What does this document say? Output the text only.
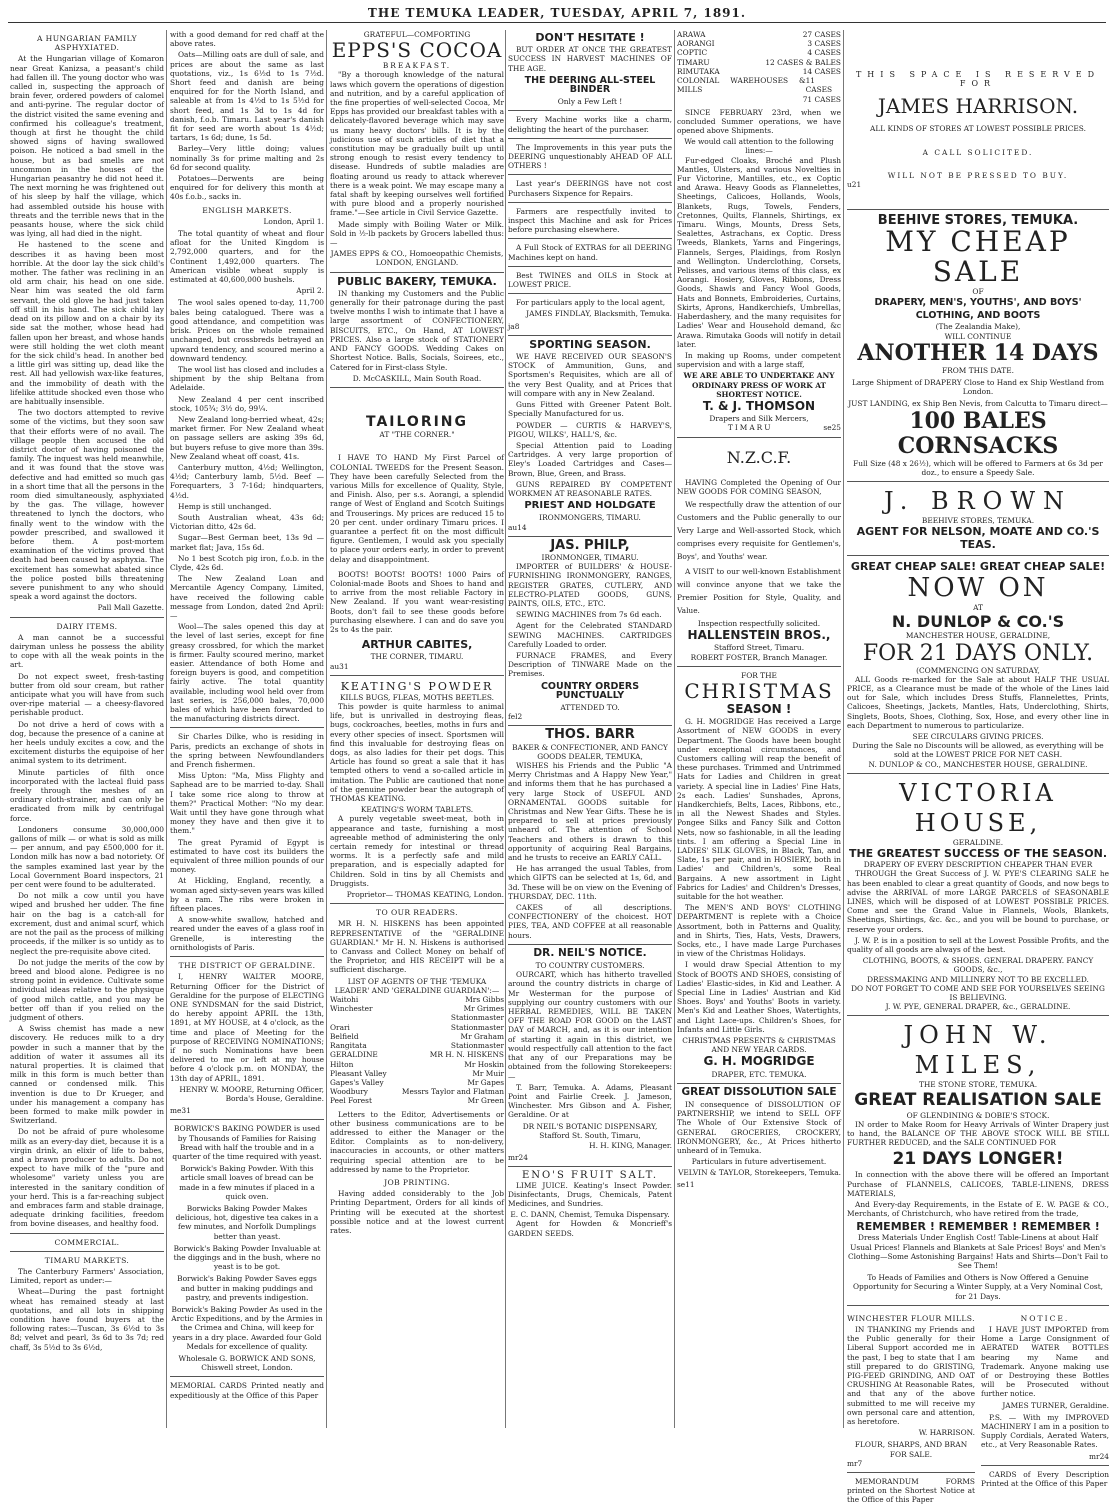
THE TEMUKA LEADER, TUESDAY, APRIL 7, 1891.
A HUNGARIAN FAMILY ASPHYXIATED.

At the Hungarian village of Komaron near Great Kanizsa, a peasant's child had fallen ill. The young doctor who was called in, suspecting the approach of brain fever, ordered powders of calomel and anti-pyrine. The regular doctor of the district visited the same evening and confirmed his colleague's treatment, though at first he thought the child showed signs of having swallowed poison. He noticed a bad smell in the house, but as bad smells are not uncommon in the houses of the Hungarian peasantry he did not heed it. The next morning he was frightened out of his sleep by half the village, which had assembled outside his house with threats and the terrible news that in the peasants house, where the sick child was lying, all had died in the night.

He hastened to the scene and describes it as having been most horrible. At the door lay the sick child's mother. The father was reclining in an old arm chair, his head on one side. Near him was seated the old farm servant, the old glove he had just taken off still in his hand. The sick child lay dead on its pillow and on a chair by its side sat the mother, whose head had fallen upon her breast, and whose hands were still holding the wet cloth meant for the sick child's head. In another bed a little girl was sitting up, dead like the rest. All had yellowish wax-like features, and the immobility of death with the lifelike attitude shocked even those who are habitually insensible.

The two doctors attempted to revive some of the victims, but they soon saw that their efforts were of no avail. The village people then accused the old district doctor of having poisoned the family. The inquest was held meanwhile, and it was found that the stove was defective and had emitted so much gas in a short time that all the persons in the room died simultaneously, asphyxiated by the gas. The village, however threatened to lynch the doctors, who finally went to the window with the powder prescribed, and swallowed it before them. A post-mortem examination of the victims proved that death had been caused by asphyxia. The excitement has somewhat abated since the police posted bills threatening severe punishment to any who should speak a word against the doctors.

Pall Mall Gazette.
DAIRY ITEMS.

A man cannot be a successful dairyman unless he possess the ability to cope with all the weak points in the art.

Do not expect sweet, fresh-tasting butter from old sour cream, but rather anticipate what you will have from such over-ripe material — a cheesy-flavored perishable product.

Do not drive a herd of cows with a dog, because the presence of a canine at her heels unduly excites a cow, and the excitement disturbs the equipoise of her animal system to its detriment.

Minute particles of filth once incorporated with the lacteal fluid pass freely through the meshes of an ordinary cloth-strainer, and can only be eradicated from milk by centrifugal force.

Londoners consume 30,000,000 gallons of milk — or what is sold as milk — per annum, and pay £500,000 for it. London milk has now a bad notoriety. Of the samples examined last year by the Local Government Board inspectors, 21 per cent were found to be adulterated.

Do not milk a cow until you have wiped and brushed her udder. The fine hair on the bag is a catch-all for excrement, dust and animal scurf, which are not the pail as the process of milking proceeds, if the milker is so untidy as to neglect the pre-requisite above cited.

Do not judge the merits of the cow by breed and blood alone. Pedigree is no strong point in evidence. Cultivate some individual ideas relative to the physique of good milch cattle, and you may be better off than if you relied on the judgment of others.

A Swiss chemist has made a new discovery. He reduces milk to a dry powder in such a manner that by the addition of water it assumes all its natural properties. It is claimed that milk in this form is much better than canned or condensed milk. This invention is due to Dr Krueger, and under his management a company has been formed to make milk powder in Switzerland.

Do not be afraid of pure wholesome milk as an every-day diet, because it is a virgin drink, an elixir of life to babes, and a brawn producer to adults. Do not expect to have milk of the "pure and wholesome" variety unless you are interested in the sanitary condition of your herd. This is a far-reaching subject and embraces farm and stable drainage, adequate drinking facilities, freedom from bovine diseases, and healthy food.

COMMERCIAL.
TIMARU MARKETS.

The Canterbury Farmers' Association, Limited, report as under:—

Wheat—During the past fortnight wheat has remained steady at last quotations, and all lots in shipping condition have found buyers at the following rates:—Tuscan, 3s 6½d to 3s 8d; velvet and pearl, 3s 6d to 3s 7d; red chaff, 3s 5½d to 3s 6½d,

with a good demand for red chaff at the above rates.

Oats—Milling oats are dull of sale, and prices are about the same as last quotations, viz., 1s 6½d to 1s 7½d. Short feed and danish are being enquired for for the North Island, and saleable at from 1s 4½d to 1s 5½d for short feed, and 1s 3d to 1s 4d for danish, f.o.b. Timaru. Last year's danish fit for seed are worth about 1s 4½d; tartars, 1s 6d; dune, 1s 5d.

Barley—Very little doing; values nominally 3s for prime malting and 2s 6d for second quality.

Potatoes—Derwents are being enquired for for delivery this month at 40s f.o.b., sacks in.

ENGLISH MARKETS.
London, April 1.

The total quantity of wheat and flour afloat for the United Kingdom is 2,792,000 quarters, and for the Continent 1,492,000 quarters. The American visible wheat supply is estimated at 40,600,000 bushels.

April 2.

The wool sales opened to-day, 11,700 bales being catalogued. There was a good attendance, and competition was brisk. Prices on the whole remained unchanged, but crossbreds betrayed an upward tendency, and scoured merino a downward tendency.

The wool list has closed and includes a shipment by the ship Beltana from Adelaide.

New Zealand 4 per cent inscribed stock, 105¾; 3½ do, 99¼.

New Zealand long-berried wheat, 42s; market firmer. For New Zealand wheat on passage sellers are asking 39s 6d, but buyers refuse to give more than 39s. New Zealand wheat off coast, 41s.

Canterbury mutton, 4½d; Wellington, 4½d; Canterbury lamb, 5½d. Beef — Forequarters, 3 7-16d; hindquarters, 4½d.

Hemp is still unchanged.

South Australian wheat, 43s 6d; Victorian ditto, 42s 6d.

Sugar—Best German beet, 13s 9d — market flat; Java, 15s 6d.

No 1 best Scotch pig iron, f.o.b. in the Clyde, 42s 6d.

The New Zealand Loan and Mercantile Agency Company, Limited, have received the following cable message from London, dated 2nd April:—

Wool—The sales opened this day at the level of last series, except for fine greasy crossbred, for which the market is firmer. Faulty scoured merino, market easier. Attendance of both Home and foreign buyers is good, and competition fairly active. The total quantity available, including wool held over from last series, is 256,000 bales, 70,000 bales of which have been forwarded to the manufacturing districts direct.

Sir Charles Dilke, who is residing in Paris, predicts an exchange of shots in the spring between Newfoundlanders and French fishermen.

Miss Upton: "Ma, Miss Flighty and Saphead are to be married to-day. Shall I take some rice along to throw at them?" Practical Mother: "No my dear. Wait until they have gone through what money they have and then give it to them."

The great Pyramid of Egypt is estimated to have cost its builders the equivalent of three million pounds of our money.

At Hickling, England, recently, a woman aged sixty-seven years was killed by a ram. The ribs were broken in fifteen places.

A snow-white swallow, hatched and reared under the eaves of a glass roof in Grenelle, is interesting the ornithologists of Paris.

THE DISTRICT OF GERALDINE.

I, HENRY WALTER MOORE, Returning Officer for the District of Geraldine for the purpose of ELECTING ONE SYNDSMAN for the said District, do hereby appoint APRIL the 13th, 1891, at MY HOUSE, at 4 o'clock, as the time and place of Meeting for the purpose of RECEIVING NOMINATIONS; if no such Nominations have been delivered to me or left at my house before 4 o'clock p.m. on MONDAY, the 13th day of APRIL, 1891.

HENRY W. MOORE, Returning Officer, Borda's House, Geraldine.
me31
BORWICK'S BAKING POWDER is used by Thousands of Families for Raising Bread with half the trouble and in a quarter of the time required with yeast.
Borwick's Baking Powder. With this article small loaves of bread can be made in a few minutes if placed in a quick oven.
Borwicks Baking Powder Makes delicious, hot, digestive tea cakes in a few minutes, and Norfolk Dumplings better than yeast.
Borwick's Baking Powder Invaluable at the diggings and in the bush, where no yeast is to be got.
Borwick's Baking Powder Saves eggs and butter in making puddings and pastry, and prevents indigestion.
Borwick's Baking Powder As used in the Arctic Expeditions, and by the Armies in the Crimea and China, will keep for years in a dry place. Awarded four Gold Medals for excellence of quality.
Wholesale G. BORWICK AND SONS, Chiswell street, London.
MEMORIAL CARDS Printed neatly and expeditiously at the Office of this Paper
GRATEFUL—COMFORTING
EPPS'S COCOA
BREAKFAST.

"By a thorough knowledge of the natural laws which govern the operations of digestion and nutrition, and by a careful application of the fine properties of well-selected Cocoa, Mr Epps has provided our breakfast tables with a delicately-flavored beverage which may save us many heavy doctors' bills. It is by the judicious use of such articles of diet that a constitution may be gradually built up until strong enough to resist every tendency to disease. Hundreds of subtle maladies are floating around us ready to attack wherever there is a weak point. We may escape many a fatal shaft by keeping ourselves well fortified with pure blood and a properly nourished frame."—See article in Civil Service Gazette.

Made simply with Boiling Water or Milk. Sold in ½-lb packets by Grocers labelled thus:—

JAMES EPPS & CO., Homoeopathic Chemists, LONDON, ENGLAND.
PUBLIC BAKERY, TEMUKA.

IN thanking my Customers and the Public generally for their patronage during the past twelve months I wish to intimate that I have a large assortment of CONFECTIONERY, BISCUITS, ETC., On Hand, AT LOWEST PRICES. Also a large stock of STATIONERY AND FANCY GOODS. Wedding Cakes on Shortest Notice. Balls, Socials, Soirees, etc., Catered for in First-class Style.

D. McCASKILL, Main South Road.
TAILORING
AT "THE CORNER."

I HAVE TO HAND My First Parcel of COLONIAL TWEEDS for the Present Season. They have been carefully Selected from the various Mills for excellence of Quality, Style, and Finish. Also, per s.s. Aorangi, a splendid range of West of England and Scotch Suitings and Trouserings. My prices are reduced 15 to 20 per cent. under ordinary Timaru prices. I guarantee a perfect fit on the most difficult figure. Gentlemen, I would ask you specially to place your orders early, in order to prevent delay and disappointment.

BOOTS! BOOTS! BOOTS! 1000 Pairs of Colonial-made Boots and Shoes to hand and to arrive from the most reliable Factory in New Zealand. If you want wear-resisting Boots, don't fail to see these goods before purchasing elsewhere. I can and do save you 2s to 4s the pair.

ARTHUR CABITES,
THE CORNER, TIMARU.
au31
KEATING'S POWDER
KILLS BUGS, FLEAS, MOTHS BEETLES.

This powder is quite harmless to animal life, but is unrivalled in destroying fleas, bugs, cockroaches, beetles, moths in furs and every other species of insect. Sportsmen will find this invaluable for destroying fleas on dogs, as also ladies for their pet dogs. This Article has found so great a sale that it has tempted others to vend a so-called article in imitation. The Public are cautioned that none of the genuine powder bear the autograph of THOMAS KEATING.

KEATING'S WORM TABLETS.

A purely vegetable sweet-meat, both in appearance and taste, furnishing a most agreeable method of administering the only certain remedy for intestinal or thread worms. It is a perfectly safe and mild preparation, and is especially adapted for Children. Sold in tins by all Chemists and Druggists.

Proprietor— THOMAS KEATING, London.
TO OUR READERS.

MR H. N. HISKENS has been appointed REPRESENTATIVE of the "GERALDINE GUARDIAN." Mr H. N. Hiskens is authorised to Canvass and Collect Money on behalf of the Proprietor, and HIS RECEIPT will be a sufficient discharge.

LIST OF AGENTS OF THE 'TEMUKA LEADER' AND 'GERALDINE GUARDIAN':—
Waitohi	Mrs Gibbs
Winchester	Mr Grimes
Stationmaster
Orari	Stationmaster
Belfield	Mr Graham
Rangitata	Stationmaster
GERALDINE	MR H. N. HISKENS
Hilton	Mr Hoskin
Pleasant Valley	Mr Muir
Gapes's Valley	Mr Gapes
Woodbury	Messrs Taylor and Flatman
Peel Forest	Mr Green

Letters to the Editor, Advertisements or other business communications are to be addressed to either the Manager or the Editor. Complaints as to non-delivery, inaccuracies in accounts, or other matters requiring special attention are to be addressed by name to the Proprietor.

JOB PRINTING.

Having added considerably to the Job Printing Department, Orders for all kinds of Printing will be executed at the shortest possible notice and at the lowest current rates.

DON'T HESITATE !

BUT ORDER AT ONCE THE GREATEST SUCCESS IN HARVEST MACHINES OF THE AGE.

THE DEERING ALL-STEEL BINDER
Only a Few Left !

Every Machine works like a charm, delighting the heart of the purchaser.

The Improvements in this year puts the DEERING unquestionably AHEAD OF ALL OTHERS !

Last year's DEERINGS have not cost Purchasers Sixpence for Repairs.

Farmers are respectfully invited to inspect this Machine and ask for Prices before purchasing elsewhere.

A Full Stock of EXTRAS for all DEERING Machines kept on hand.

Best TWINES and OILS in Stock at LOWEST PRICE.

For particulars apply to the local agent,

JAMES FINDLAY, Blacksmith, Temuka.
ja8
SPORTING SEASON.

WE HAVE RECEIVED OUR SEASON'S STOCK of Ammunition, Guns, and Sportsmen's Requisites, which are all of the very Best Quality, and at Prices that will compare with any in New Zealand.

Guns Fitted with Greener Patent Bolt. Specially Manufactured for us.

POWDER — CURTIS & HARVEY'S, PIGOU, WILKS', HALL'S, &c.

Special Attention paid to Loading Cartridges. A very large proportion of Eley's Loaded Cartridges and Cases—Brown, Blue, Green, and Brass.

GUNS REPAIRED BY COMPETENT WORKMEN AT REASONABLE RATES.

PRIEST AND HOLDGATE
IRONMONGERS, TIMARU.
au14
JAS. PHILP,
IRONMONGER, TIMARU.

IMPORTER of BUILDERS' & HOUSE-FURNISHING IRONMONGERY, RANGES, REGISTER GRATES, CUTLERY, AND ELECTRO-PLATED GOODS, GUNS, PAINTS, OILS, ETC., ETC.

SEWING MACHINES from 7s 6d each.

Agent for the Celebrated STANDARD SEWING MACHINES. CARTRIDGES Carefully Loaded to order.

FURNACE FRAMES, and Every Description of TINWARE Made on the Premises.

COUNTRY ORDERS PUNCTUALLY
ATTENDED TO.
fel2
THOS. BARR
BAKER & CONFECTIONER, AND FANCY GOODS DEALER, TEMUKA,

WISHES his Friends and the Public "A Merry Christmas and A Happy New Year," and informs them that he has purchased a very large Stock of USEFUL AND ORNAMENTAL GOODS suitable for Christmas and New Year Gifts. These he is prepared to sell at prices previously unheard of. The attention of School Teachers and others is drawn to this opportunity of acquiring Real Bargains, and he trusts to receive an EARLY CALL.

He has arranged the usual Tables, from which GIFTS can be selected at 1s, 6d, and 3d. These will be on view on the Evening of THURSDAY, DEC. 11th.

CAKES of all descriptions. CONFECTIONERY of the choicest. HOT PIES, TEA, AND COFFEE at all reasonable hours.

DR. NEIL'S NOTICE.
TO COUNTRY CUSTOMERS.

OURCART, which has hitherto travelled around the country districts in charge of Mr Westerman for the purpose of supplying our country customers with our HERBAL REMEDIES, WILL BE TAKEN OFF THE ROAD FOR GOOD on the LAST DAY of MARCH, and, as it is our intention of starting it again in this district, we would respectfully call attention to the fact that any of our Preparations may be obtained from the following Storekeepers:—

T. Barr, Temuka. A. Adams, Pleasant Point and Fairlie Creek. J. Jameson, Winchester. Mrs Gibson and A. Fisher, Geraldine. Or at

DR NEIL'S BOTANIC DISPENSARY, Stafford St. South, Timaru,
H. H. KING, Manager.
mr24
ENO'S FRUIT SALT.

LIME JUICE. Keating's Insect Powder. Disinfectants, Drugs, Chemicals, Patent Medicines, and Sundries.

E. C. DANN, Chemist, Temuka Dispensary.

Agent for Howden & Moncrieff's GARDEN SEEDS.

ARAWA	27 CASES
AORANGI	3 CASES
COPTIC	4 CASES
TIMARU	12 CASES & BALES
RIMUTAKA	14 CASES
COLONIAL WAREHOUSES & MILLS
11 CASES
71 CASES

SINCE FEBRUARY 23rd, when we concluded Summer operations, we have opened above Shipments.

We would call attention to the following lines:—

Fur-edged Cloaks, Broché and Plush Mantles, Ulsters, and various Novelties in Fur Victorine, Mantilles, etc., ex Coptic and Arawa. Heavy Goods as Flannelettes, Sheetings, Calicoes, Hollands, Wools, Blankets, Rugs, Towels, Fenders, Cretonnes, Quilts, Flannels, Shirtings, ex Timaru. Wings, Mounts, Dress Sets, Sealettes, Astrachans, ex Coptic. Dress Tweeds, Blankets, Yarns and Fingerings, Flannels, Serges, Plaidings, from Roslyn and Wellington. Underclothing, Corsets, Pelisses, and various items of this class, ex Aorangi. Hosiery, Gloves, Ribbons, Dress Goods, Shawls and Fancy Wool Goods, Hats and Bonnets, Embroideries, Curtains, Skirts, Aprons, Handkerchiefs, Umbrellas, Haberdashery, and the many requisites for Ladies' Wear and Household demand, &c Arawa. Rimutaka Goods will notify in detail later.

In making up Rooms, under competent supervision and with a large staff,

WE ARE ABLE TO UNDERTAKE ANY ORDINARY PRESS OF WORK AT SHORTEST NOTICE.
T. & J. THOMSON
Drapers and Silk Mercers,
TIMARU	se25
N.Z.C.F.

HAVING Completed the Opening of Our NEW GOODS FOR COMING SEASON,

We respectfully draw the attention of our Customers and the Public generally to our Very Large and Well-assorted Stock, which comprises every requisite for Gentlemen's, Boys', and Youths' wear.

A VISIT to our well-known Establishment will convince anyone that we take the Premier Position for Style, Quality, and Value.

Inspection respectfully solicited.
HALLENSTEIN BROS.,
Stafford Street, Timaru.
ROBERT FOSTER, Branch Manager.
FOR THE
CHRISTMAS
SEASON !

G. H. MOGRIDGE Has received a Large Assortment of NEW GOODS in every Department. The Goods have been bought under exceptional circumstances, and Customers calling will reap the benefit of these purchases. Trimmed and Untrimmed Hats for Ladies and Children in great variety. A special line in Ladies' Fine Hats, 2s each. Ladies' Sunshades, Aprons, Handkerchiefs, Belts, Laces, Ribbons, etc., in all the Newest Shades and Styles. Pongee Silks and Fancy Silk and Cotton Nets, now so fashionable, in all the leading tints. I am offering a Special Line in LADIES' SILK GLOVES, in Black, Tan, and Slate, 1s per pair, and in HOSIERY, both in Ladies' and Children's, some Real Bargains. A new assortment in Light Fabrics for Ladies' and Children's Dresses, suitable for the hot weather.

The MEN'S AND BOYS' CLOTHING DEPARTMENT is replete with a Choice Assortment, both in Patterns and Quality, and in Shirts, Ties, Hats, Vests, Drawers, Socks, etc., I have made Large Purchases in view of the Christmas Holidays.

I would draw Special Attention to my Stock of BOOTS AND SHOES, consisting of Ladies' Elastic-sides, in Kid and Leather. A Special Line in Ladies' Austrian and Kid Shoes. Boys' and Youths' Boots in variety. Men's Kid and Leather Shoes, Watertights, and Light Lace-ups. Children's Shoes, for Infants and Little Girls.

CHRISTMAS PRESENTS & CHRISTMAS AND NEW YEAR CARDS.
G. H. MOGRIDGE
DRAPER, ETC. TEMUKA.
GREAT DISSOLUTION SALE

IN consequence of DISSOLUTION OF PARTNERSHIP, we intend to SELL OFF The Whole of Our Extensive Stock of GENERAL GROCERIES, CROCKERY, IRONMONGERY, &c., At Prices hitherto unheard of in Temuka.

Particulars in future advertisement.
VELVIN & TAYLOR, Storekeepers, Temuka.
se11
THIS SPACE IS RESERVED FOR
JAMES HARRISON.
ALL KINDS OF STORES AT LOWEST POSSIBLE PRICES.
A CALL SOLICITED.
WILL NOT BE PRESSED TO BUY.
u21
BEEHIVE STORES, TEMUKA.
MY CHEAP SALE
OF
DRAPERY, MEN'S, YOUTHS', AND BOYS' CLOTHING, AND BOOTS
(The Zealandia Make),
WILL CONTINUE
ANOTHER 14 DAYS
FROM THIS DATE.
Large Shipment of DRAPERY Close to Hand ex Ship Westland from London.
JUST LANDING, ex Ship Ben Nevis, from Calcutta to Timaru direct—
100 BALES CORNSACKS
Full Size (48 x 26½), which will be offered to Farmers at 6s 3d per doz., to ensure a Speedy Sale.
J. BROWN
BEEHIVE STORES, TEMUKA.
AGENT FOR NELSON, MOATE AND CO.'S TEAS.
GREAT CHEAP SALE! GREAT CHEAP SALE!
NOW ON
AT
N. DUNLOP & CO.'S
MANCHESTER HOUSE, GERALDINE,
FOR 21 DAYS ONLY.
(COMMENCING ON SATURDAY,

ALL Goods re-marked for the Sale at about HALF THE USUAL PRICE, as a Clearance must be made of the whole of the Lines laid out for Sale, which includes Dress Stuffs, Flannelettes, Prints, Calicoes, Sheetings, Jackets, Mantles, Hats, Underclothing, Shirts, Singlets, Boots, Shoes, Clothing, Sox, Hose, and every other line in each Department to numerous to particularize.

SEE CIRCULARS GIVING PRICES.
During the Sale no Discounts will be allowed, as everything will be sold at the LOWEST PRICE FOR NET CASH.
N. DUNLOP & CO., MANCHESTER HOUSE, GERALDINE.
VICTORIA HOUSE,
GERALDINE.
THE GREATEST SUCCESS OF THE SEASON.
DRAPERY OF EVERY DESCRIPTION CHEAPER THAN EVER

THROUGH the Great Success of J. W. PYE'S CLEARING SALE he has been enabled to clear a great quantity of Goods, and now begs to advise the ARRIVAL of more LARGE PARCELS of SEASONABLE LINES, which will be disposed of at LOWEST POSSIBLE PRICES. Come and see the Grand Value in Flannels, Wools, Blankets, Sheetings, Shirtings, &c. &c., and you will be bound to purchase, or reserve your orders.

J. W. P. is in a position to sell at the Lowest Possible Profits, and the quality of all goods are always of the best.

CLOTHING, BOOTS, & SHOES. GENERAL DRAPERY. FANCY GOODS, &c.,
DRESSMAKING AND MILLINERY NOT TO BE EXCELLED.
DO NOT FORGET TO COME AND SEE FOR YOURSELVES SEEING IS BELIEVING.
J. W. PYE, GENERAL DRAPER, &c., GERALDINE.
JOHN W. MILES,
THE STONE STORE, TEMUKA.
GREAT REALISATION SALE
OF GLENDINING & DOBIE'S STOCK.

IN order to Make Room for Heavy Arrivals of Winter Drapery just to hand, the BALANCE OF THE ABOVE STOCK WILL BE STILL FURTHER REDUCED, and the SALE CONTINUED FOR

21 DAYS LONGER!

In connection with the above there will be offered an Important Purchase of FLANNELS, CALICOES, TABLE-LINENS, DRESS MATERIALS,

And Every-day Requirements, in the Estate of E. W. PAGE & CO., Merchants, of Christchurch, who have retired from the trade,

REMEMBER ! REMEMBER ! REMEMBER !
Dress Materials Under English Cost! Table-Linens at about Half Usual Prices! Flannels and Blankets at Sale Prices! Boys' and Men's Clothing—Some Astonishing Bargains! Hats and Shirts—Don't Fail to See Them!
To Heads of Families and Others is Now Offered a Genuine Opportunity for Securing a Winter Supply, at a Very Nominal Cost, for 21 Days.
WINCHESTER FLOUR MILLS.

IN THANKING my Friends and the Public generally for their Liberal Support accorded me in the past, I beg to state that I am still prepared to do GRISTING, PIG-FEED GRINDING, AND OAT CRUSHING At Reasonable Rates, and that any of the above submitted to me will receive my own personal care and attention, as heretofore.

W. HARRISON.
FLOUR, SHARPS, AND BRAN FOR SALE.
mr7

MEMORANDUM FORMS printed on the Shortest Notice at the Office of this Paper

NOTICE.

I HAVE JUST IMPORTED from Home a Large Consignment of AERATED WATER BOTTLES bearing my Name and Trademark. Anyone making use of or Destroying these Bottles will be Prosecuted without further notice.

JAMES TURNER, Geraldine.

P.S. — With my IMPROVED MACHINERY I am in a position to Supply Cordials, Aerated Waters, etc., at Very Reasonable Rates.

mr24

CARDS of Every Description Printed at the Office of this Paper
